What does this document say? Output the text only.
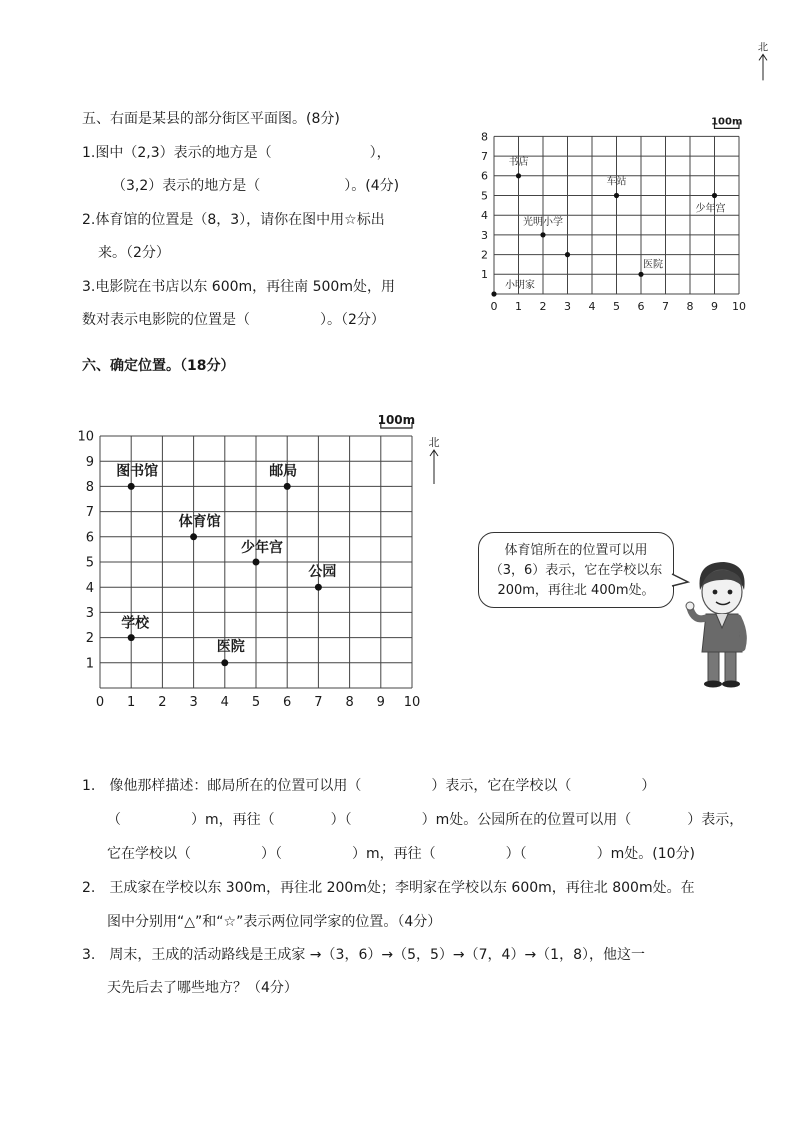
五、右面是某县的部分街区平面图。(8分)
1.图中（2,3）表示的地方是（　　　　　　　），
（3,2）表示的地方是（　　　　　　）。(4分)
2.体育馆的位置是（8，3），请你在图中用☆标出
来。（2分）
3.电影院在书店以东 600m，再往南 500m处，用
数对表示电影院的位置是（　　　　　）。（2分）
0 1 2 3 4 5 6 7 8 9 10
1
2
3
4
5
6
7
8
100m
北
书店
车站
少年宫
光明小学
医院
小明家
六、确定位置。（18分）
0 1 2 3 4 5 6 7 8 9 10
1
2
3
4
5
6
7
8
9
10
100m
北
图书馆	邮局
体育馆
少年宫
公园
学校
医院
体育馆所在的位置可以用（3，6）表示，它在学校以东 200m，再往北 400m处。
1.　像他那样描述：邮局所在的位置可以用（　　　　　）表示，它在学校以（　　　　　）
（　　　　　）m，再往（　　　　）（　　　　　）m处。公园所在的位置可以用（　　　　）表示，
它在学校以（　　　　　）（　　　　　）m，再往（　　　　　）（　　　　　）m处。(10分)
2.　王成家在学校以东 300m，再往北 200m处；李明家在学校以东 600m，再往北 800m处。在
图中分别用“△”和“☆”表示两位同学家的位置。（4分）
3.　周末，王成的活动路线是王成家 →（3，6）→（5，5）→（7，4）→（1，8），他这一
天先后去了哪些地方？（4分）
